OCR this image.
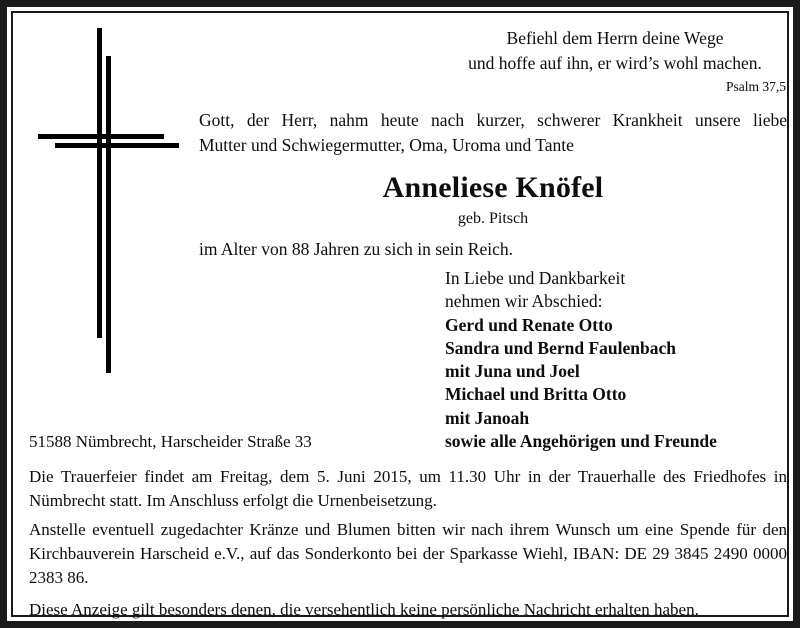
Befiehl dem Herrn deine Wege
und hoffe auf ihn, er wird’s wohl machen.
Psalm 37,5
Gott, der Herr, nahm heute nach kurzer, schwerer Krankheit unsere liebe
Mutter und Schwiegermutter, Oma, Uroma und Tante
Anneliese Knöfel
geb. Pitsch
im Alter von 88 Jahren zu sich in sein Reich.
In Liebe und Dankbarkeit
nehmen wir Abschied:
Gerd und Renate Otto
Sandra und Bernd Faulenbach
mit Juna und Joel
Michael und Britta Otto
mit Janoah
sowie alle Angehörigen und Freunde
51588 Nümbrecht, Harscheider Straße 33
Die Trauerfeier findet am Freitag, dem 5. Juni 2015, um 11.30 Uhr in der Trauerhalle des Friedhofes in Nümbrecht statt. Im Anschluss erfolgt die Urnenbeisetzung.
Anstelle eventuell zugedachter Kränze und Blumen bitten wir nach ihrem Wunsch um eine Spende für den Kirchbauverein Harscheid e.V., auf das Sonderkonto bei der Sparkasse Wiehl, IBAN: DE 29 3845 2490 0000 2383 86.
Diese Anzeige gilt besonders denen, die versehentlich keine persönliche Nachricht erhalten haben.
